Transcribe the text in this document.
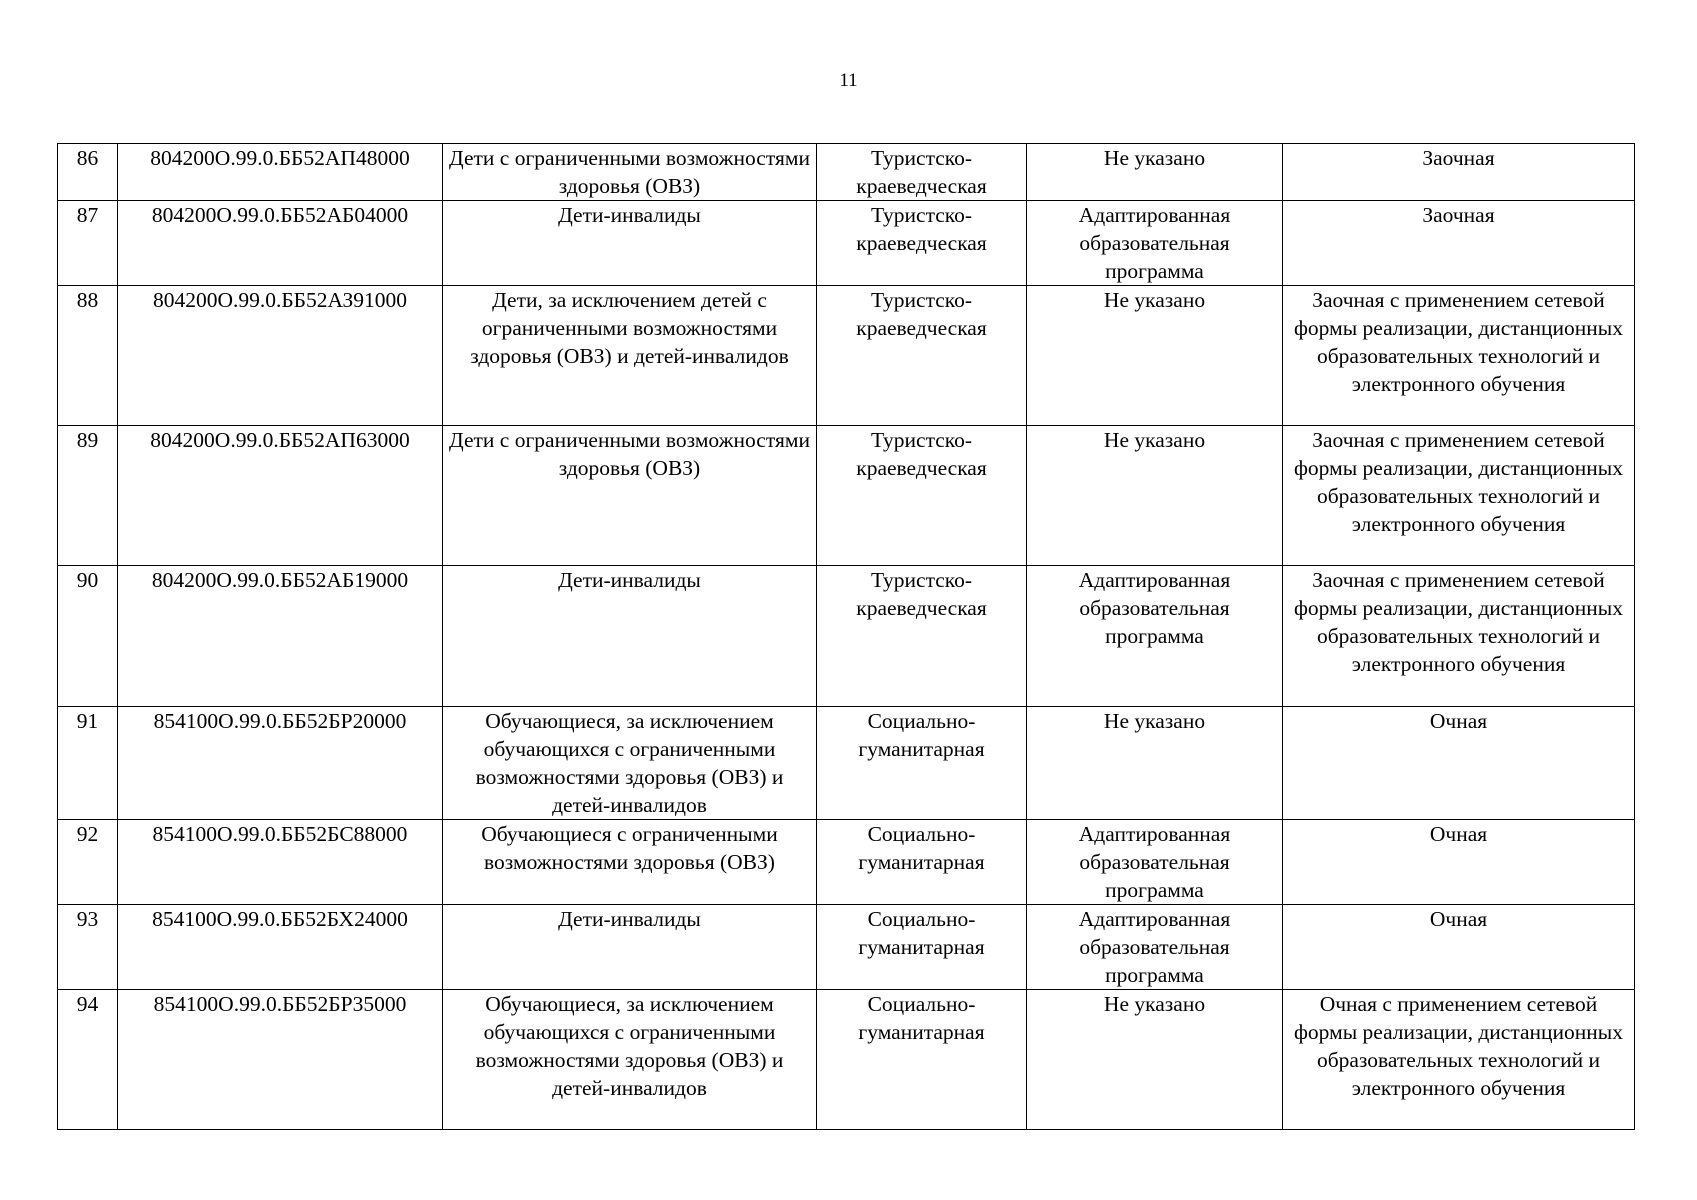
11
86	804200О.99.0.ББ52АП48000	Дети с ограниченными возможностями здоровья (ОВЗ)	Туристско-краеведческая	Не указано	Заочная
87	804200О.99.0.ББ52АБ04000	Дети-инвалиды	Туристско-краеведческая	Адаптированная образовательная программа	Заочная
88	804200О.99.0.ББ52АЗ91000	Дети, за исключением детей с ограниченными возможностями здоровья (ОВЗ) и детей-инвалидов	Туристско-краеведческая	Не указано	Заочная с применением сетевой формы реализации, дистанционных образовательных технологий и электронного обучения
89	804200О.99.0.ББ52АП63000	Дети с ограниченными возможностями здоровья (ОВЗ)	Туристско-краеведческая	Не указано	Заочная с применением сетевой формы реализации, дистанционных образовательных технологий и электронного обучения
90	804200О.99.0.ББ52АБ19000	Дети-инвалиды	Туристско-краеведческая	Адаптированная образовательная программа	Заочная с применением сетевой формы реализации, дистанционных образовательных технологий и электронного обучения
91	854100О.99.0.ББ52БР20000	Обучающиеся, за исключением обучающихся с ограниченными возможностями здоровья (ОВЗ) и детей-инвалидов	Социально-гуманитарная	Не указано	Очная
92	854100О.99.0.ББ52БС88000	Обучающиеся с ограниченными возможностями здоровья (ОВЗ)	Социально-гуманитарная	Адаптированная образовательная программа	Очная
93	854100О.99.0.ББ52БХ24000	Дети-инвалиды	Социально-гуманитарная	Адаптированная образовательная программа	Очная
94	854100О.99.0.ББ52БР35000	Обучающиеся, за исключением обучающихся с ограниченными возможностями здоровья (ОВЗ) и детей-инвалидов	Социально-гуманитарная	Не указано	Очная с применением сетевой формы реализации, дистанционных образовательных технологий и электронного обучения
